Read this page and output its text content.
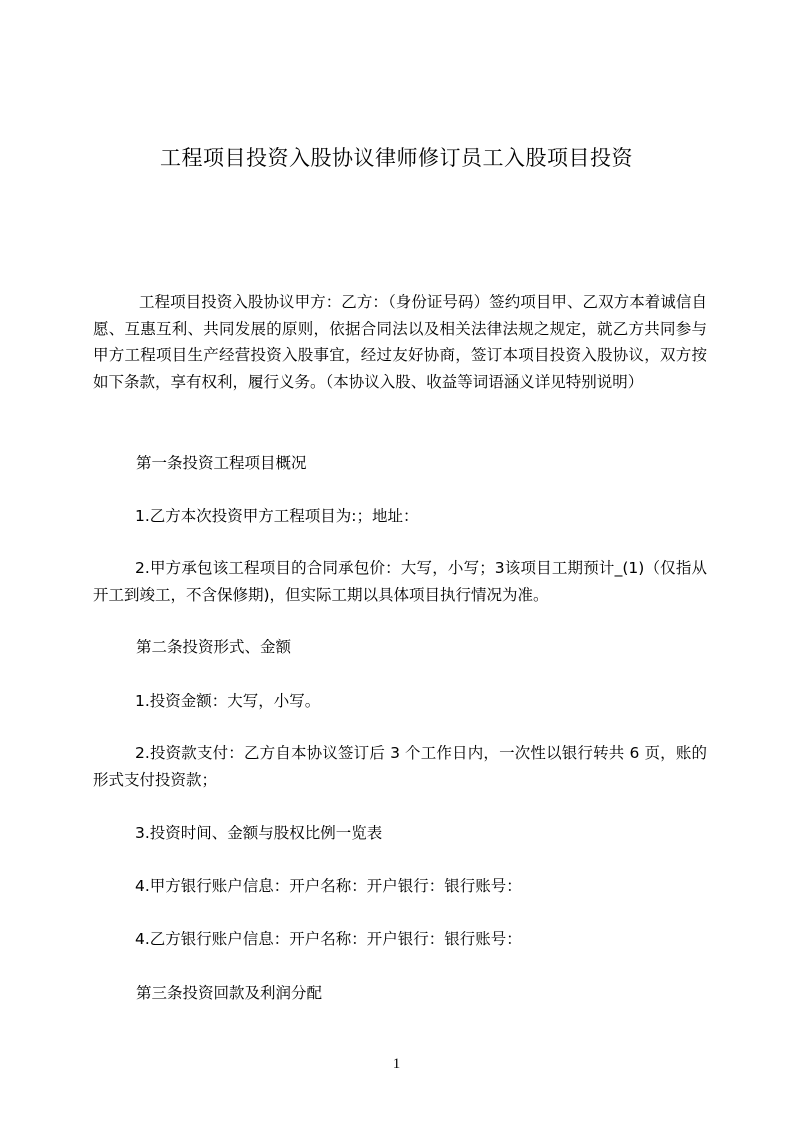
工程项目投资入股协议律师修订员工入股项目投资
工程项目投资入股协议甲方：乙方：（身份证号码）签约项目甲、乙双方本着诚信自愿、互惠互利、共同发展的原则，依据合同法以及相关法律法规之规定，就乙方共同参与甲方工程项目生产经营投资入股事宜，经过友好协商，签订本项目投资入股协议，双方按如下条款，享有权利，履行义务。（本协议入股、收益等词语涵义详见特别说明）
第一条投资工程项目概况
1.乙方本次投资甲方工程项目为:；地址：
2.甲方承包该工程项目的合同承包价：大写，小写；3该项目工期预计_(1)（仅指从开工到竣工，不含保修期)，但实际工期以具体项目执行情况为准。
第二条投资形式、金额
1.投资金额：大写，小写。
2.投资款支付：乙方自本协议签订后 3 个工作日内，一次性以银行转共 6 页，账的形式支付投资款；
3.投资时间、金额与股权比例一览表
4.甲方银行账户信息：开户名称：开户银行：银行账号：
4.乙方银行账户信息：开户名称：开户银行：银行账号：
第三条投资回款及利润分配
1
